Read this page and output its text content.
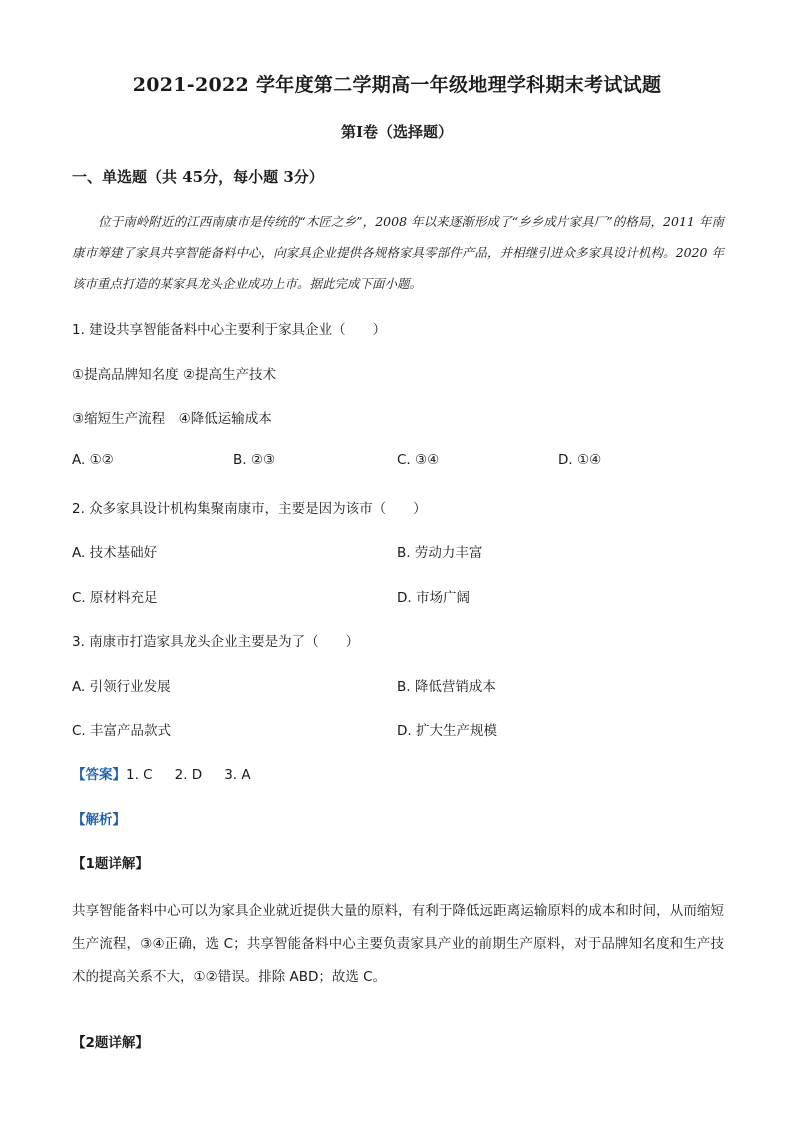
2021-2022 学年度第二学期高一年级地理学科期末考试试题
第Ⅰ卷（选择题）
一、单选题（共 45分，每小题 3分）
位于南岭附近的江西南康市是传统的“木匠之乡”，2008 年以来逐渐形成了“乡乡成片家具厂”的格局，2011 年南康市筹建了家具共享智能备料中心，向家具企业提供各规格家具零部件产品，并相继引进众多家具设计机构。2020 年该市重点打造的某家具龙头企业成功上市。据此完成下面小题。
1. 建设共享智能备料中心主要利于家具企业（　　）
①提高品牌知名度 ②提高生产技术
③缩短生产流程　④降低运输成本
A. ①②	B. ②③	C. ③④	D. ①④
2. 众多家具设计机构集聚南康市，主要是因为该市（　　）
A. 技术基础好	B. 劳动力丰富
C. 原材料充足	D. 市场广阔
3. 南康市打造家具龙头企业主要是为了（　　）
A. 引领行业发展	B. 降低营销成本
C. 丰富产品款式	D. 扩大生产规模
【答案】1. C 2. D 3. A
【解析】
【1题详解】
共享智能备料中心可以为家具企业就近提供大量的原料，有利于降低远距离运输原料的成本和时间，从而缩短生产流程，③④正确，选 C；共享智能备料中心主要负责家具产业的前期生产原料，对于品牌知名度和生产技术的提高关系不大，①②错误。排除 ABD；故选 C。
【2题详解】
